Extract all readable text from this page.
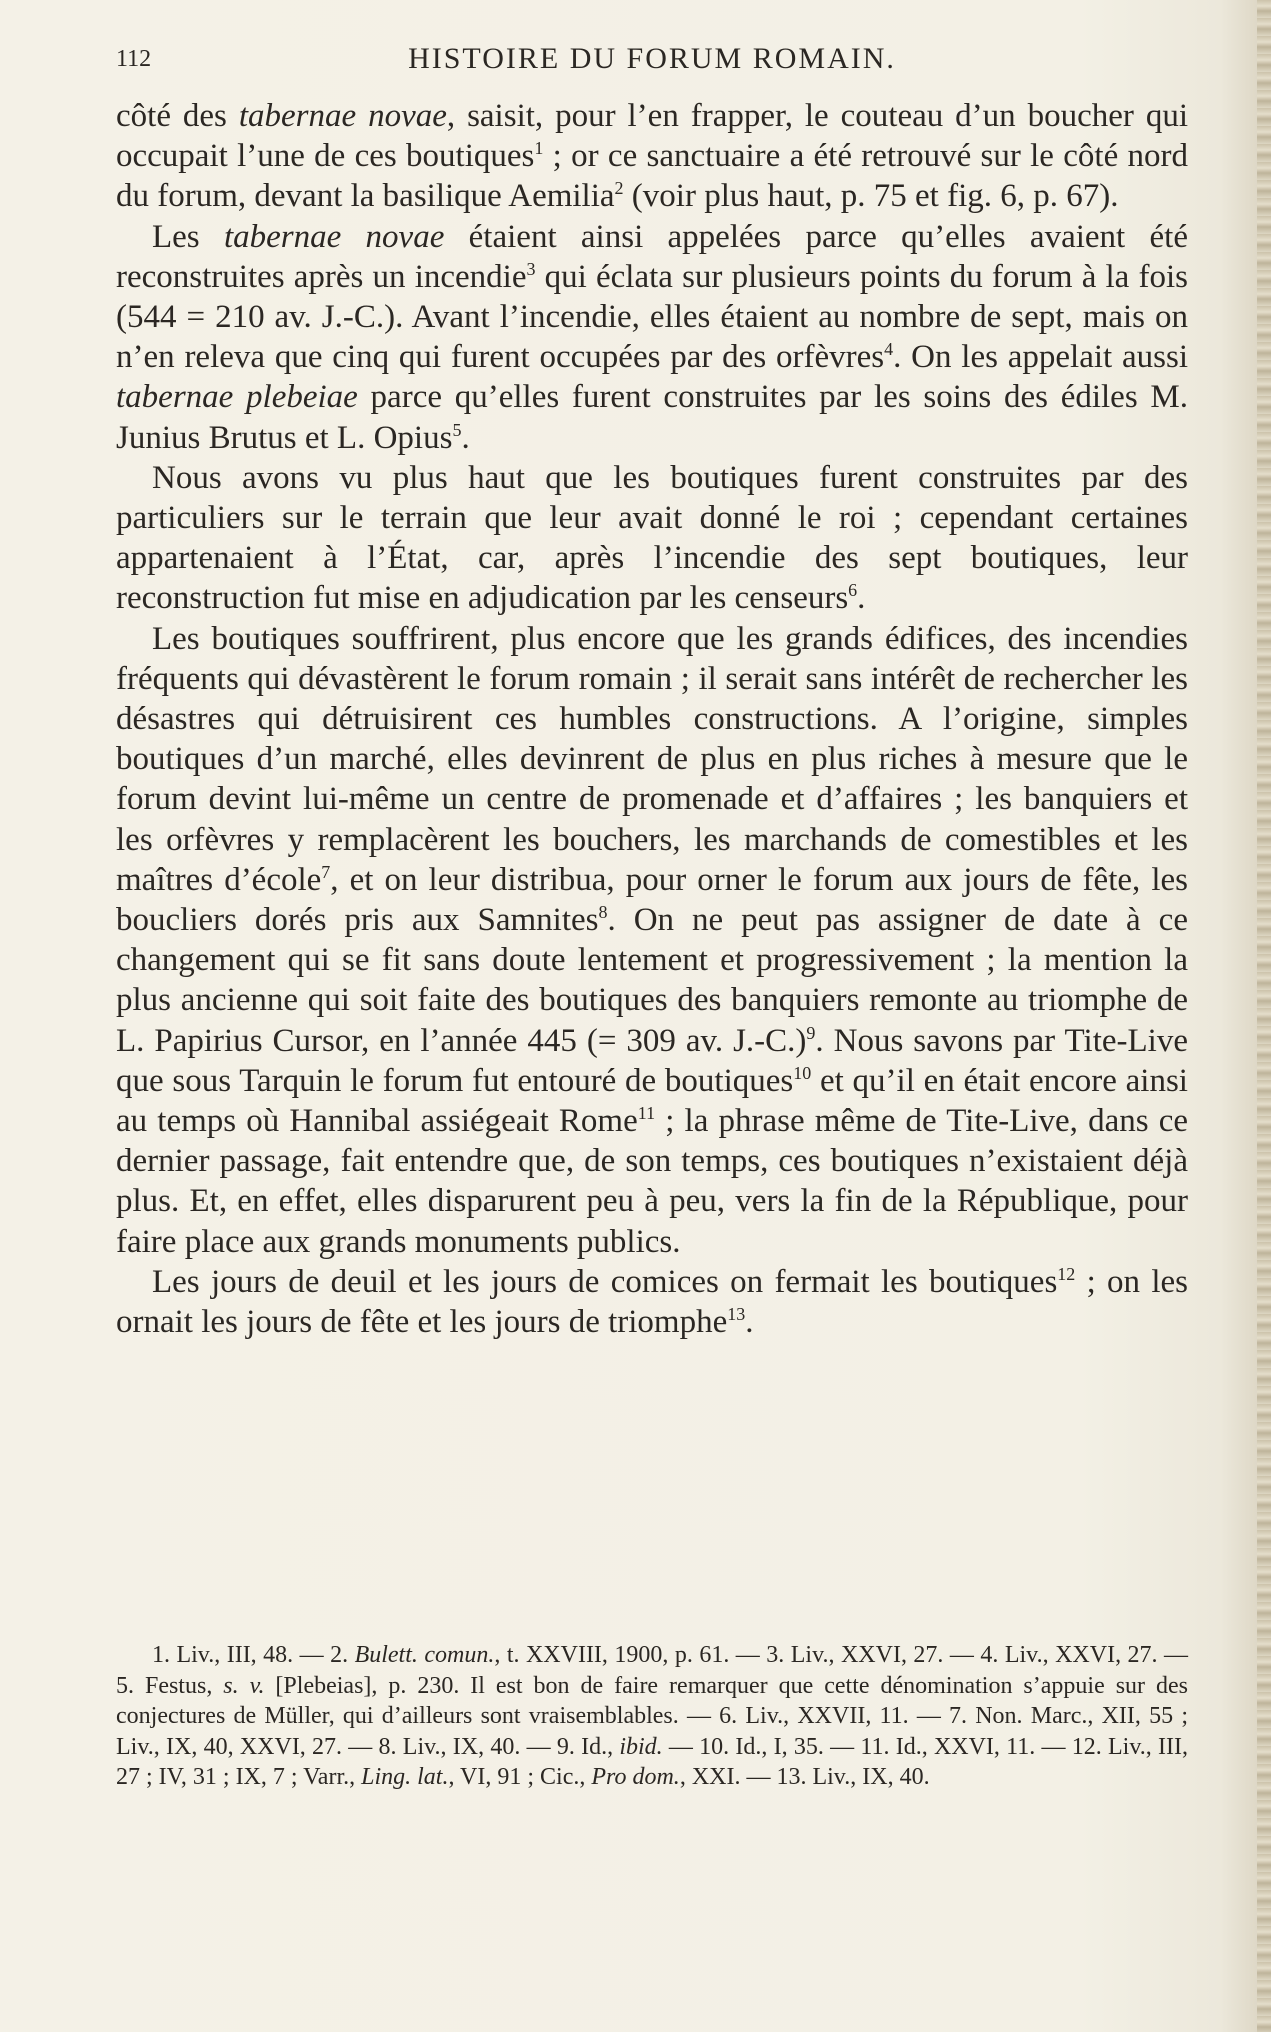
112	HISTOIRE DU FORUM ROMAIN.

côté des tabernae novae, saisit, pour l’en frapper, le couteau d’un boucher qui occupait l’une de ces boutiques$^1$ ; or ce sanctuaire a été retrouvé sur le côté nord du forum, devant la basilique Aemilia$^2$ (voir plus haut, p. 75 et fig. 6, p. 67).

Les tabernae novae étaient ainsi appelées parce qu’elles avaient été reconstruites après un incendie$^3$ qui éclata sur plusieurs points du forum à la fois (544 = 210 av. J.-C.). Avant l’incendie, elles étaient au nombre de sept, mais on n’en releva que cinq qui furent occupées par des orfèvres$^4$. On les appelait aussi tabernae plebeiae parce qu’elles furent construites par les soins des édiles M. Junius Brutus et L. Opius$^5$.

Nous avons vu plus haut que les boutiques furent construites par des particuliers sur le terrain que leur avait donné le roi ; cependant certaines appartenaient à l’État, car, après l’incendie des sept boutiques, leur reconstruction fut mise en adjudication par les censeurs$^6$.

Les boutiques souffrirent, plus encore que les grands édifices, des incendies fréquents qui dévastèrent le forum romain ; il serait sans intérêt de rechercher les désastres qui détruisirent ces humbles constructions. A l’origine, simples boutiques d’un marché, elles devinrent de plus en plus riches à mesure que le forum devint lui-même un centre de promenade et d’affaires ; les banquiers et les orfèvres y remplacèrent les bouchers, les marchands de comestibles et les maîtres d’école$^7$, et on leur distribua, pour orner le forum aux jours de fête, les boucliers dorés pris aux Samnites$^8$. On ne peut pas assigner de date à ce changement qui se fit sans doute lentement et progressivement ; la mention la plus ancienne qui soit faite des boutiques des banquiers remonte au triomphe de L. Papirius Cursor, en l’année 445 (= 309 av. J.-C.)$^9$. Nous savons par Tite-Live que sous Tarquin le forum fut entouré de boutiques$^{10}$ et qu’il en était encore ainsi au temps où Hannibal assiégeait Rome$^{11}$ ; la phrase même de Tite-Live, dans ce dernier passage, fait entendre que, de son temps, ces boutiques n’existaient déjà plus. Et, en effet, elles disparurent peu à peu, vers la fin de la République, pour faire place aux grands monuments publics.

Les jours de deuil et les jours de comices on fermait les boutiques$^{12}$ ; on les ornait les jours de fête et les jours de triomphe$^{13}$.

1. Liv., III, 48. — 2. Bulett. comun., t. XXVIII, 1900, p. 61. — 3. Liv., XXVI, 27. — 4. Liv., XXVI, 27. — 5. Festus, s. v. [Plebeias], p. 230. Il est bon de faire remarquer que cette dénomination s’appuie sur des conjectures de Müller, qui d’ailleurs sont vraisemblables. — 6. Liv., XXVII, 11. — 7. Non. Marc., XII, 55 ; Liv., IX, 40, XXVI, 27. — 8. Liv., IX, 40. — 9. Id., ibid. — 10. Id., I, 35. — 11. Id., XXVI, 11. — 12. Liv., III, 27 ; IV, 31 ; IX, 7 ; Varr., Ling. lat., VI, 91 ; Cic., Pro dom., XXI. — 13. Liv., IX, 40.
